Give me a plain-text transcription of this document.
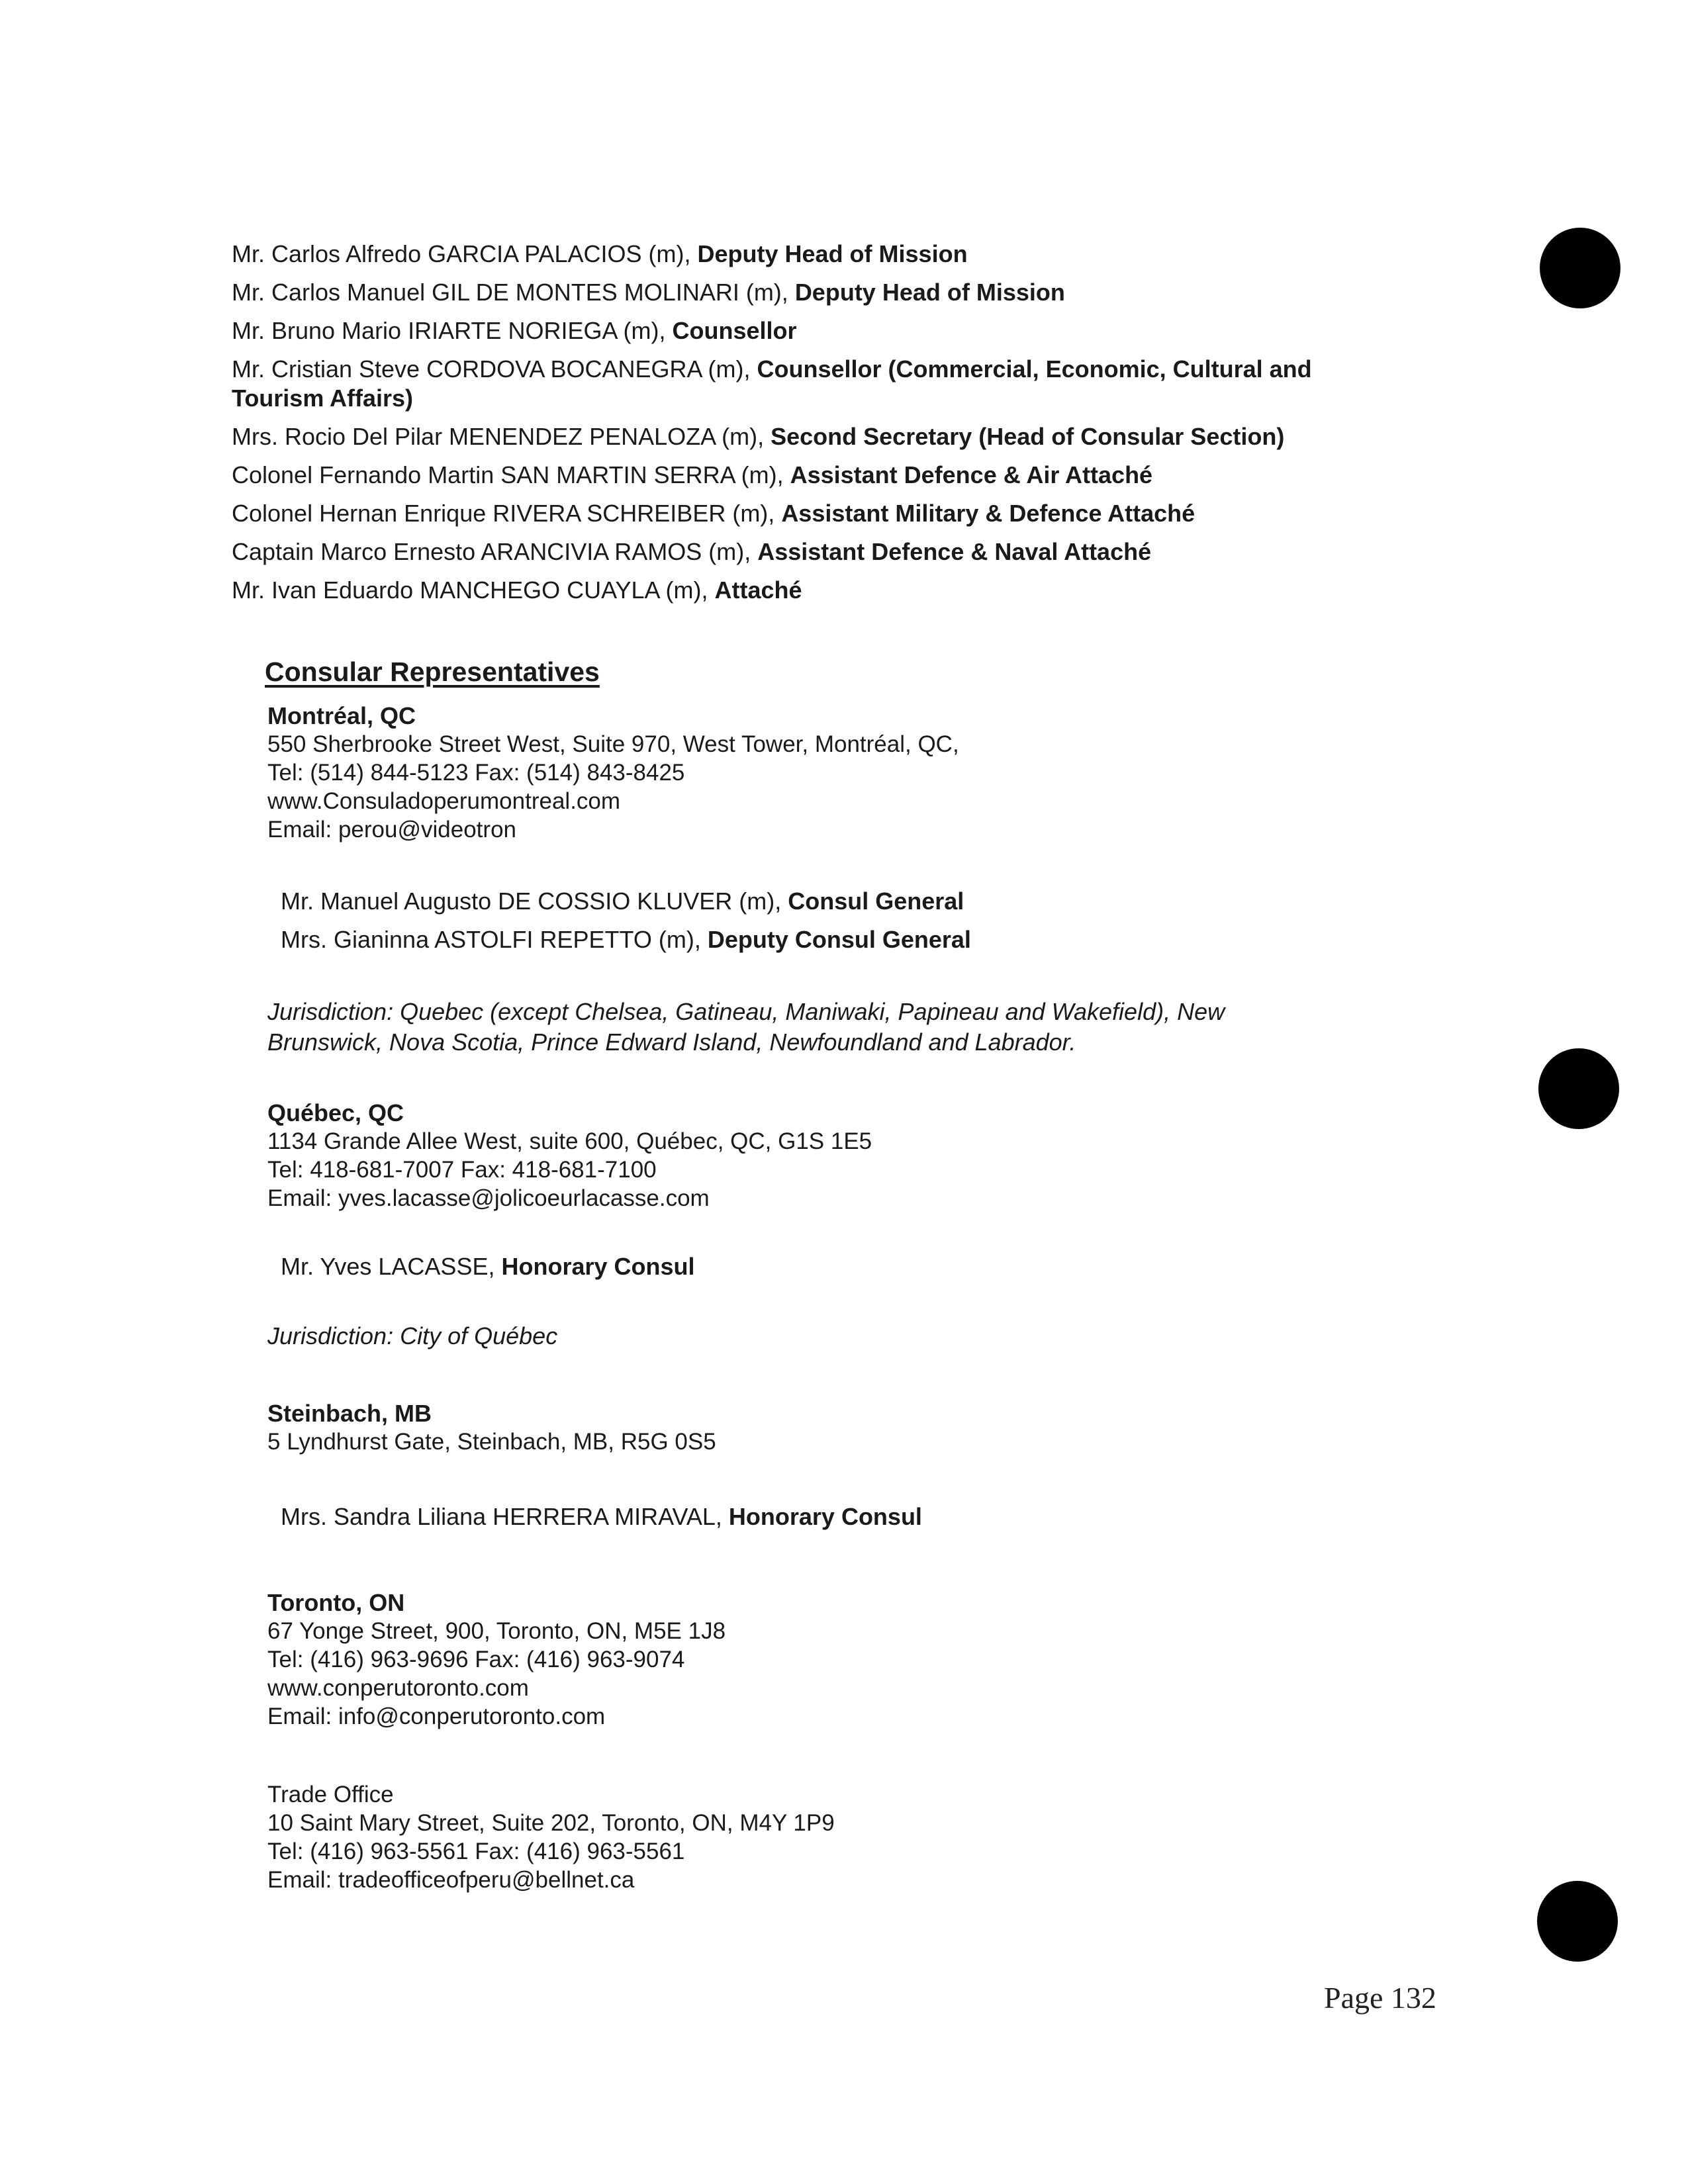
Mr. Carlos Alfredo GARCIA PALACIOS (m), Deputy Head of Mission
Mr. Carlos Manuel GIL DE MONTES MOLINARI (m), Deputy Head of Mission
Mr. Bruno Mario IRIARTE NORIEGA (m), Counsellor
Mr. Cristian Steve CORDOVA BOCANEGRA (m), Counsellor (Commercial, Economic, Cultural and Tourism Affairs)
Mrs. Rocio Del Pilar MENENDEZ PENALOZA (m), Second Secretary (Head of Consular Section)
Colonel Fernando Martin SAN MARTIN SERRA (m), Assistant Defence & Air Attaché
Colonel Hernan Enrique RIVERA SCHREIBER (m), Assistant Military & Defence Attaché
Captain Marco Ernesto ARANCIVIA RAMOS (m), Assistant Defence & Naval Attaché
Mr. Ivan Eduardo MANCHEGO CUAYLA (m), Attaché
Consular Representatives
Montréal, QC
550 Sherbrooke Street West, Suite 970, West Tower, Montréal, QC,
Tel: (514) 844-5123 Fax: (514) 843-8425
www.Consuladoperumontreal.com
Email: perou@videotron
Mr. Manuel Augusto DE COSSIO KLUVER (m), Consul General
Mrs. Gianinna ASTOLFI REPETTO (m), Deputy Consul General
Jurisdiction: Quebec (except Chelsea, Gatineau, Maniwaki, Papineau and Wakefield), New Brunswick, Nova Scotia, Prince Edward Island, Newfoundland and Labrador.
Québec, QC
1134 Grande Allee West, suite 600, Québec, QC, G1S 1E5
Tel: 418-681-7007 Fax: 418-681-7100
Email: yves.lacasse@jolicoeurlacasse.com
Mr. Yves LACASSE, Honorary Consul
Jurisdiction: City of Québec
Steinbach, MB
5 Lyndhurst Gate, Steinbach, MB, R5G 0S5
Mrs. Sandra Liliana HERRERA MIRAVAL, Honorary Consul
Toronto, ON
67 Yonge Street, 900, Toronto, ON, M5E 1J8
Tel: (416) 963-9696 Fax: (416) 963-9074
www.conperutoronto.com
Email: info@conperutoronto.com
Trade Office
10 Saint Mary Street, Suite 202, Toronto, ON, M4Y 1P9
Tel: (416) 963-5561 Fax: (416) 963-5561
Email: tradeofficeofperu@bellnet.ca
Page 132
